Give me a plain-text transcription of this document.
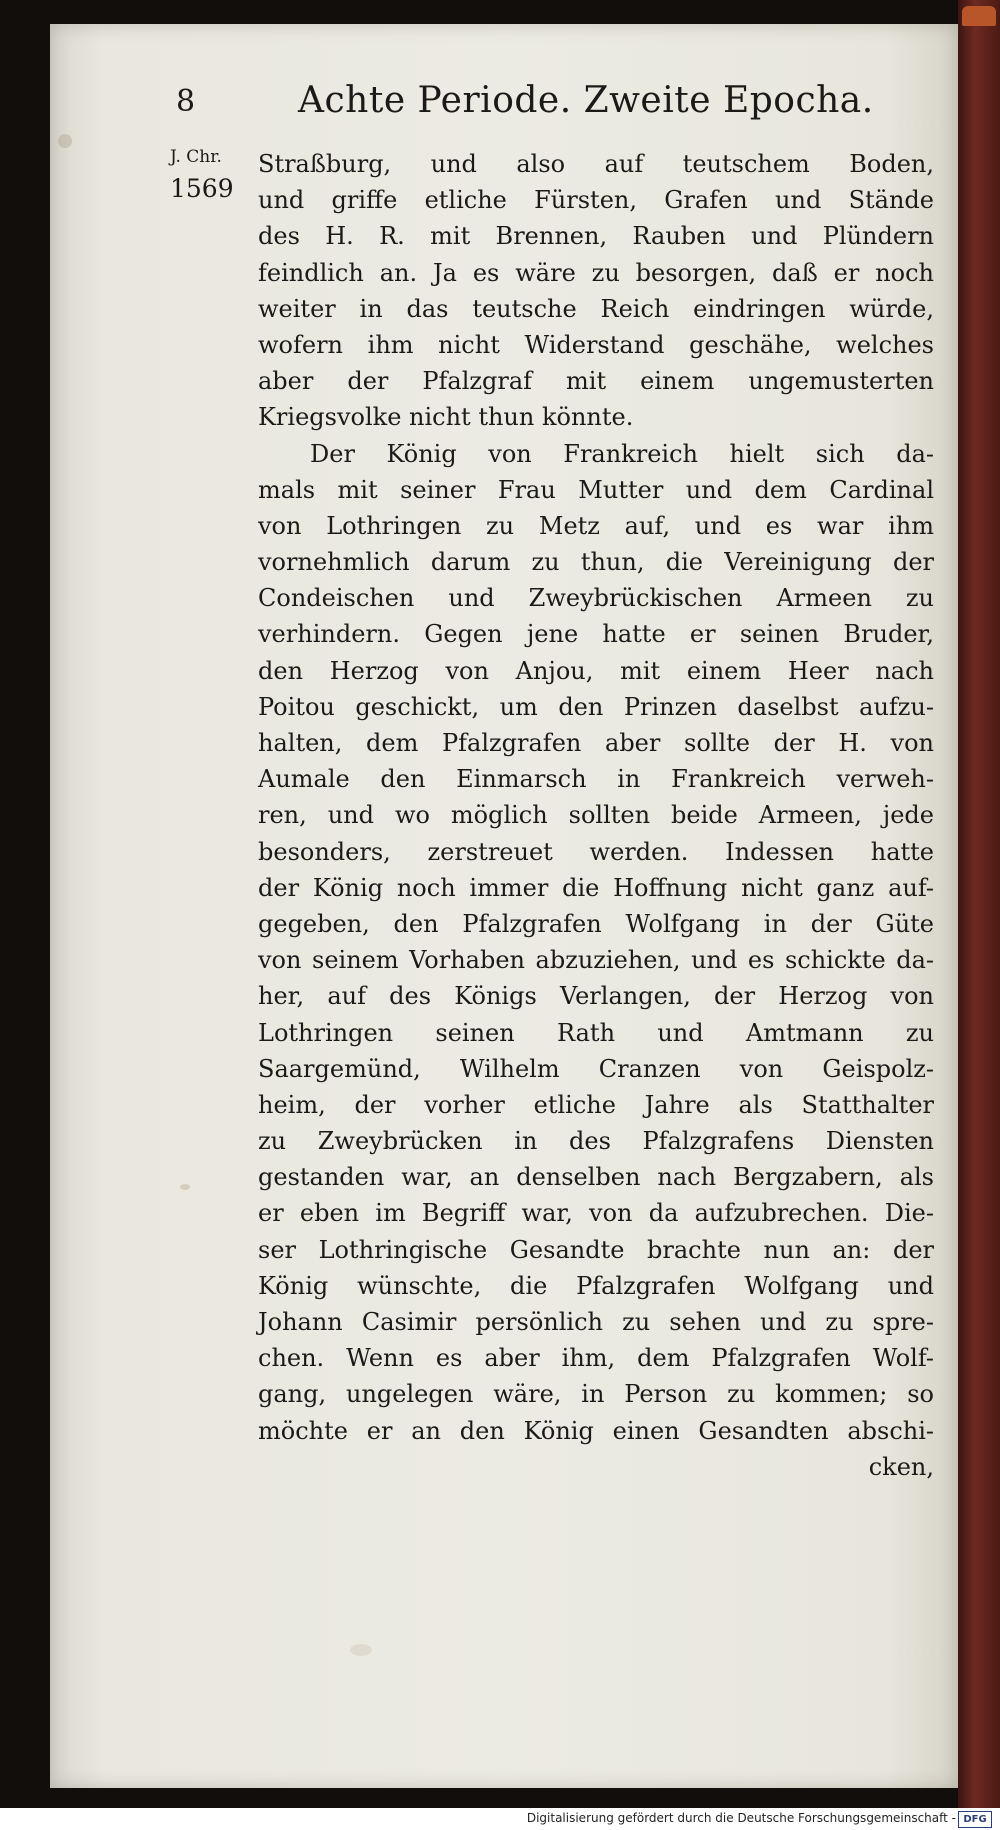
8	Achte Periode. Zweite Epocha.
J. Chr.
1569
Straßburg, und also auf teutschem Boden,
und griffe etliche Fürsten, Grafen und Stände
des H. R. mit Brennen, Rauben und Plündern
feindlich an. Ja es wäre zu besorgen, daß er noch
weiter in das teutsche Reich eindringen würde,
wofern ihm nicht Widerstand geschähe, welches
aber der Pfalzgraf mit einem ungemusterten
Kriegsvolke nicht thun könnte.
Der König von Frankreich hielt sich da-
mals mit seiner Frau Mutter und dem Cardinal
von Lothringen zu Metz auf, und es war ihm
vornehmlich darum zu thun, die Vereinigung der
Condeischen und Zweybrückischen Armeen zu
verhindern. Gegen jene hatte er seinen Bruder,
den Herzog von Anjou, mit einem Heer nach
Poitou geschickt, um den Prinzen daselbst aufzu-
halten, dem Pfalzgrafen aber sollte der H. von
Aumale den Einmarsch in Frankreich verweh-
ren, und wo möglich sollten beide Armeen, jede
besonders, zerstreuet werden. Indessen hatte
der König noch immer die Hoffnung nicht ganz auf-
gegeben, den Pfalzgrafen Wolfgang in der Güte
von seinem Vorhaben abzuziehen, und es schickte da-
her, auf des Königs Verlangen, der Herzog von
Lothringen seinen Rath und Amtmann zu
Saargemünd, Wilhelm Cranzen von Geispolz-
heim, der vorher etliche Jahre als Statthalter
zu Zweybrücken in des Pfalzgrafens Diensten
gestanden war, an denselben nach Bergzabern, als
er eben im Begriff war, von da aufzubrechen. Die-
ser Lothringische Gesandte brachte nun an: der
König wünschte, die Pfalzgrafen Wolfgang und
Johann Casimir persönlich zu sehen und zu spre-
chen. Wenn es aber ihm, dem Pfalzgrafen Wolf-
gang, ungelegen wäre, in Person zu kommen; so
möchte er an den König einen Gesandten abschi-
cken,
Digitalisierung gefördert durch die Deutsche Forschungsgemeinschaft - DFG
